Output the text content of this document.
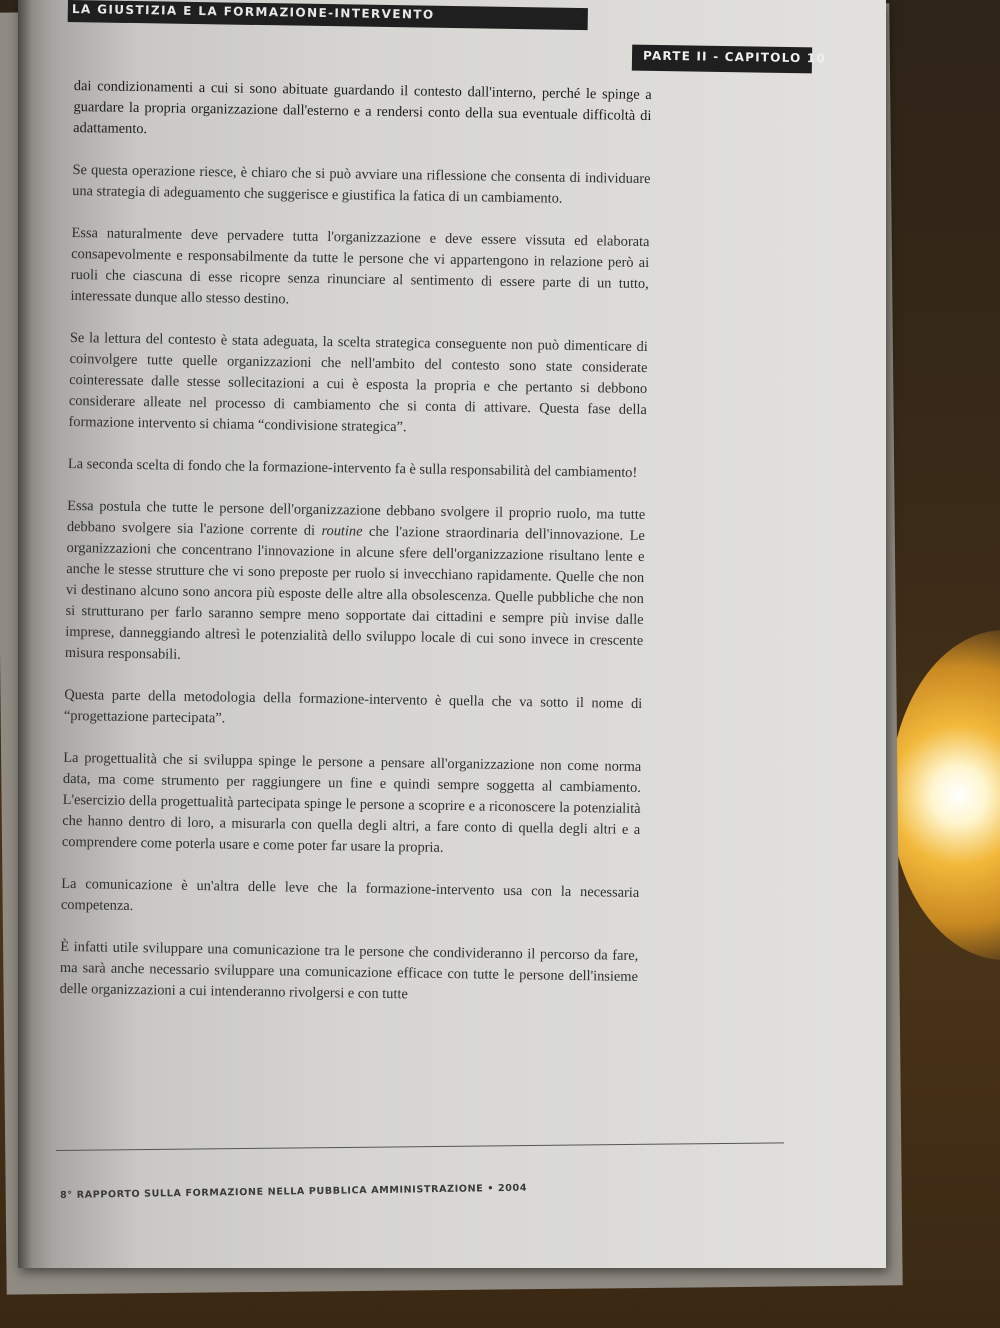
LA GIUSTIZIA E LA FORMAZIONE-INTERVENTO
PARTE II - CAPITOLO 10

dai condizionamenti a cui si sono abituate guardando il contesto dall'interno, perché le spinge a guardare la propria organizzazione dall'esterno e a rendersi conto della sua eventuale difficoltà di adattamento.

Se questa operazione riesce, è chiaro che si può avviare una riflessione che consenta di individuare una strategia di adeguamento che suggerisce e giustifica la fatica di un cambiamento.

Essa naturalmente deve pervadere tutta l'organizzazione e deve essere vissuta ed elaborata consapevolmente e responsabilmente da tutte le persone che vi appartengono in relazione però ai ruoli che ciascuna di esse ricopre senza rinunciare al sentimento di essere parte di un tutto, interessate dunque allo stesso destino.

Se la lettura del contesto è stata adeguata, la scelta strategica conseguente non può dimenticare di coinvolgere tutte quelle organizzazioni che nell'ambito del contesto sono state considerate cointeressate dalle stesse sollecitazioni a cui è esposta la propria e che pertanto si debbono considerare alleate nel processo di cambiamento che si conta di attivare. Questa fase della formazione intervento si chiama “condivisione strategica”.

La seconda scelta di fondo che la formazione-intervento fa è sulla responsabilità del cambiamento!

Essa postula che tutte le persone dell'organizzazione debbano svolgere il proprio ruolo, ma tutte debbano svolgere sia l'azione corrente di routine che l'azione straordinaria dell'innovazione. Le organizzazioni che concentrano l'innovazione in alcune sfere dell'organizzazione risultano lente e anche le stesse strutture che vi sono preposte per ruolo si invecchiano rapidamente. Quelle che non vi destinano alcuno sono ancora più esposte delle altre alla obsolescenza. Quelle pubbliche che non si strutturano per farlo saranno sempre meno sopportate dai cittadini e sempre più invise dalle imprese, danneggiando altresì le potenzialità dello sviluppo locale di cui sono invece in crescente misura responsabili.

Questa parte della metodologia della formazione-intervento è quella che va sotto il nome di “progettazione partecipata”.

La progettualità che si sviluppa spinge le persone a pensare all'organizzazione non come norma data, ma come strumento per raggiungere un fine e quindi sempre soggetta al cambiamento. L'esercizio della progettualità partecipata spinge le persone a scoprire e a riconoscere la potenzialità che hanno dentro di loro, a misurarla con quella degli altri, a fare conto di quella degli altri e a comprendere come poterla usare e come poter far usare la propria.

La comunicazione è un'altra delle leve che la formazione-intervento usa con la necessaria competenza.

È infatti utile sviluppare una comunicazione tra le persone che condivideranno il percorso da fare, ma sarà anche necessario sviluppare una comunicazione efficace con tutte le persone dell'insieme delle organizzazioni a cui intenderanno rivolgersi e con tutte

8° RAPPORTO SULLA FORMAZIONE NELLA PUBBLICA AMMINISTRAZIONE • 2004
